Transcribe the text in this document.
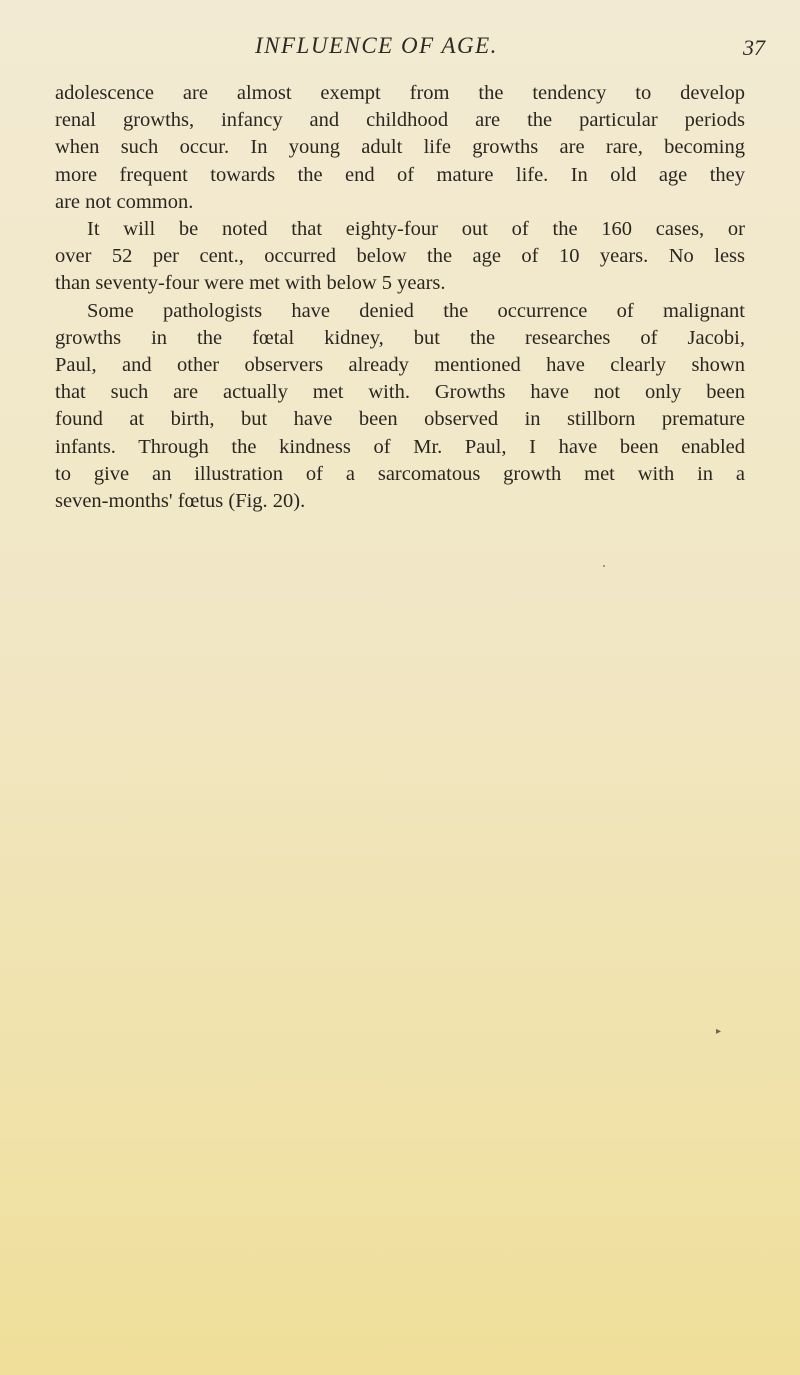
INFLUENCE OF AGE.	37

adolescence are almost exempt from the tendency to develop

renal growths, infancy and childhood are the particular periods

when such occur. In young adult life growths are rare, becoming

more frequent towards the end of mature life. In old age they

are not common.

It will be noted that eighty-four out of the 160 cases, or

over 52 per cent., occurred below the age of 10 years. No less

than seventy-four were met with below 5 years.

Some pathologists have denied the occurrence of malignant

growths in the fœtal kidney, but the researches of Jacobi,

Paul, and other observers already mentioned have clearly shown

that such are actually met with. Growths have not only been

found at birth, but have been observed in stillborn premature

infants. Through the kindness of Mr. Paul, I have been enabled

to give an illustration of a sarcomatous growth met with in a

seven-months' fœtus (Fig. 20).

▸
